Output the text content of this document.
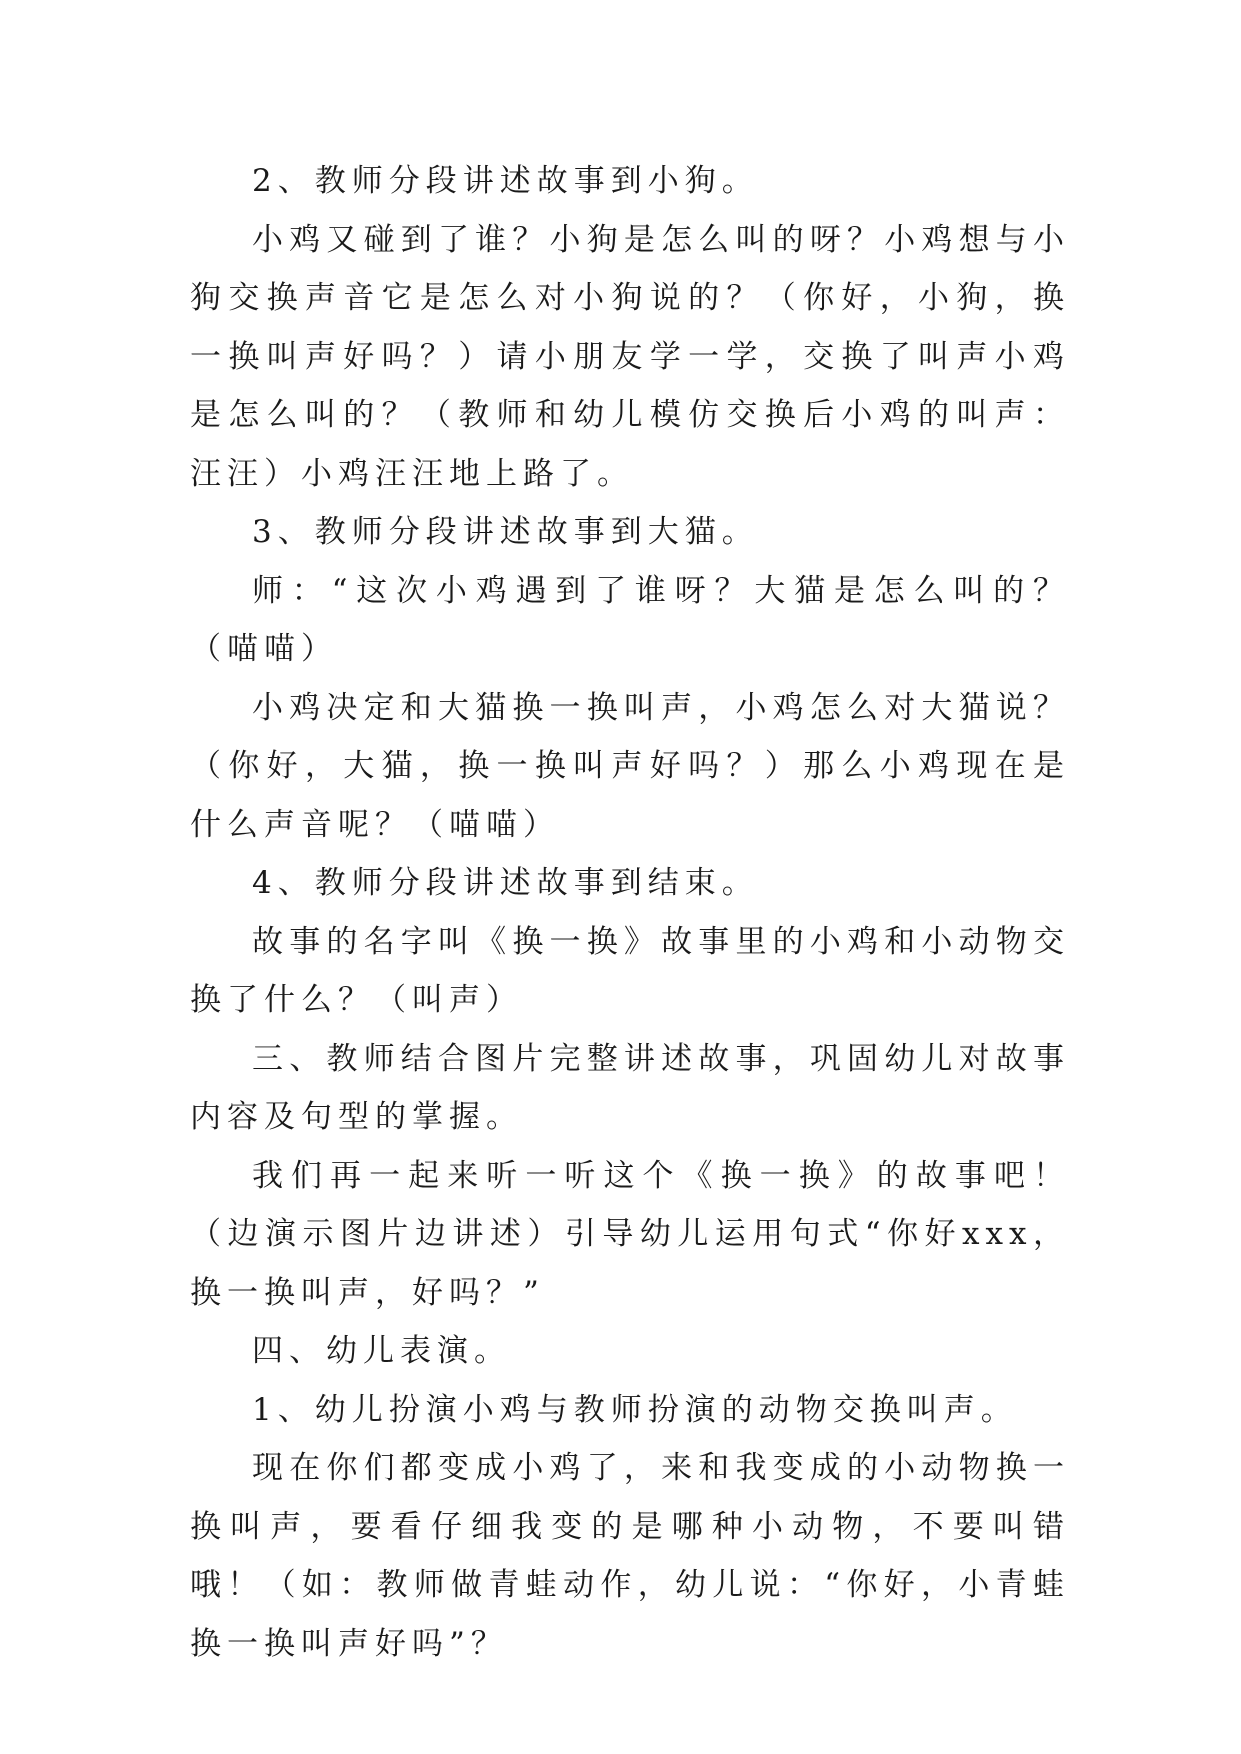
2、教师分段讲述故事到小狗。

小鸡又碰到了谁？小狗是怎么叫的呀？小鸡想与小狗交换声音它是怎么对小狗说的？（你好，小狗，换一换叫声好吗？）请小朋友学一学，交换了叫声小鸡是怎么叫的？（教师和幼儿模仿交换后小鸡的叫声：汪汪）小鸡汪汪地上路了。

3、教师分段讲述故事到大猫。

师：“这次小鸡遇到了谁呀？大猫是怎么叫的？（喵喵）

小鸡决定和大猫换一换叫声，小鸡怎么对大猫说？（你好，大猫，换一换叫声好吗？）那么小鸡现在是什么声音呢？（喵喵）

4、教师分段讲述故事到结束。

故事的名字叫《换一换》故事里的小鸡和小动物交换了什么？（叫声）

三、教师结合图片完整讲述故事，巩固幼儿对故事内容及句型的掌握。

我们再一起来听一听这个《换一换》的故事吧！（边演示图片边讲述）引导幼儿运用句式“你好xxx，换一换叫声，好吗？”

四、幼儿表演。

1、幼儿扮演小鸡与教师扮演的动物交换叫声。

现在你们都变成小鸡了，来和我变成的小动物换一换叫声，要看仔细我变的是哪种小动物，不要叫错哦！（如：教师做青蛙动作，幼儿说：“你好，小青蛙换一换叫声好吗”？
